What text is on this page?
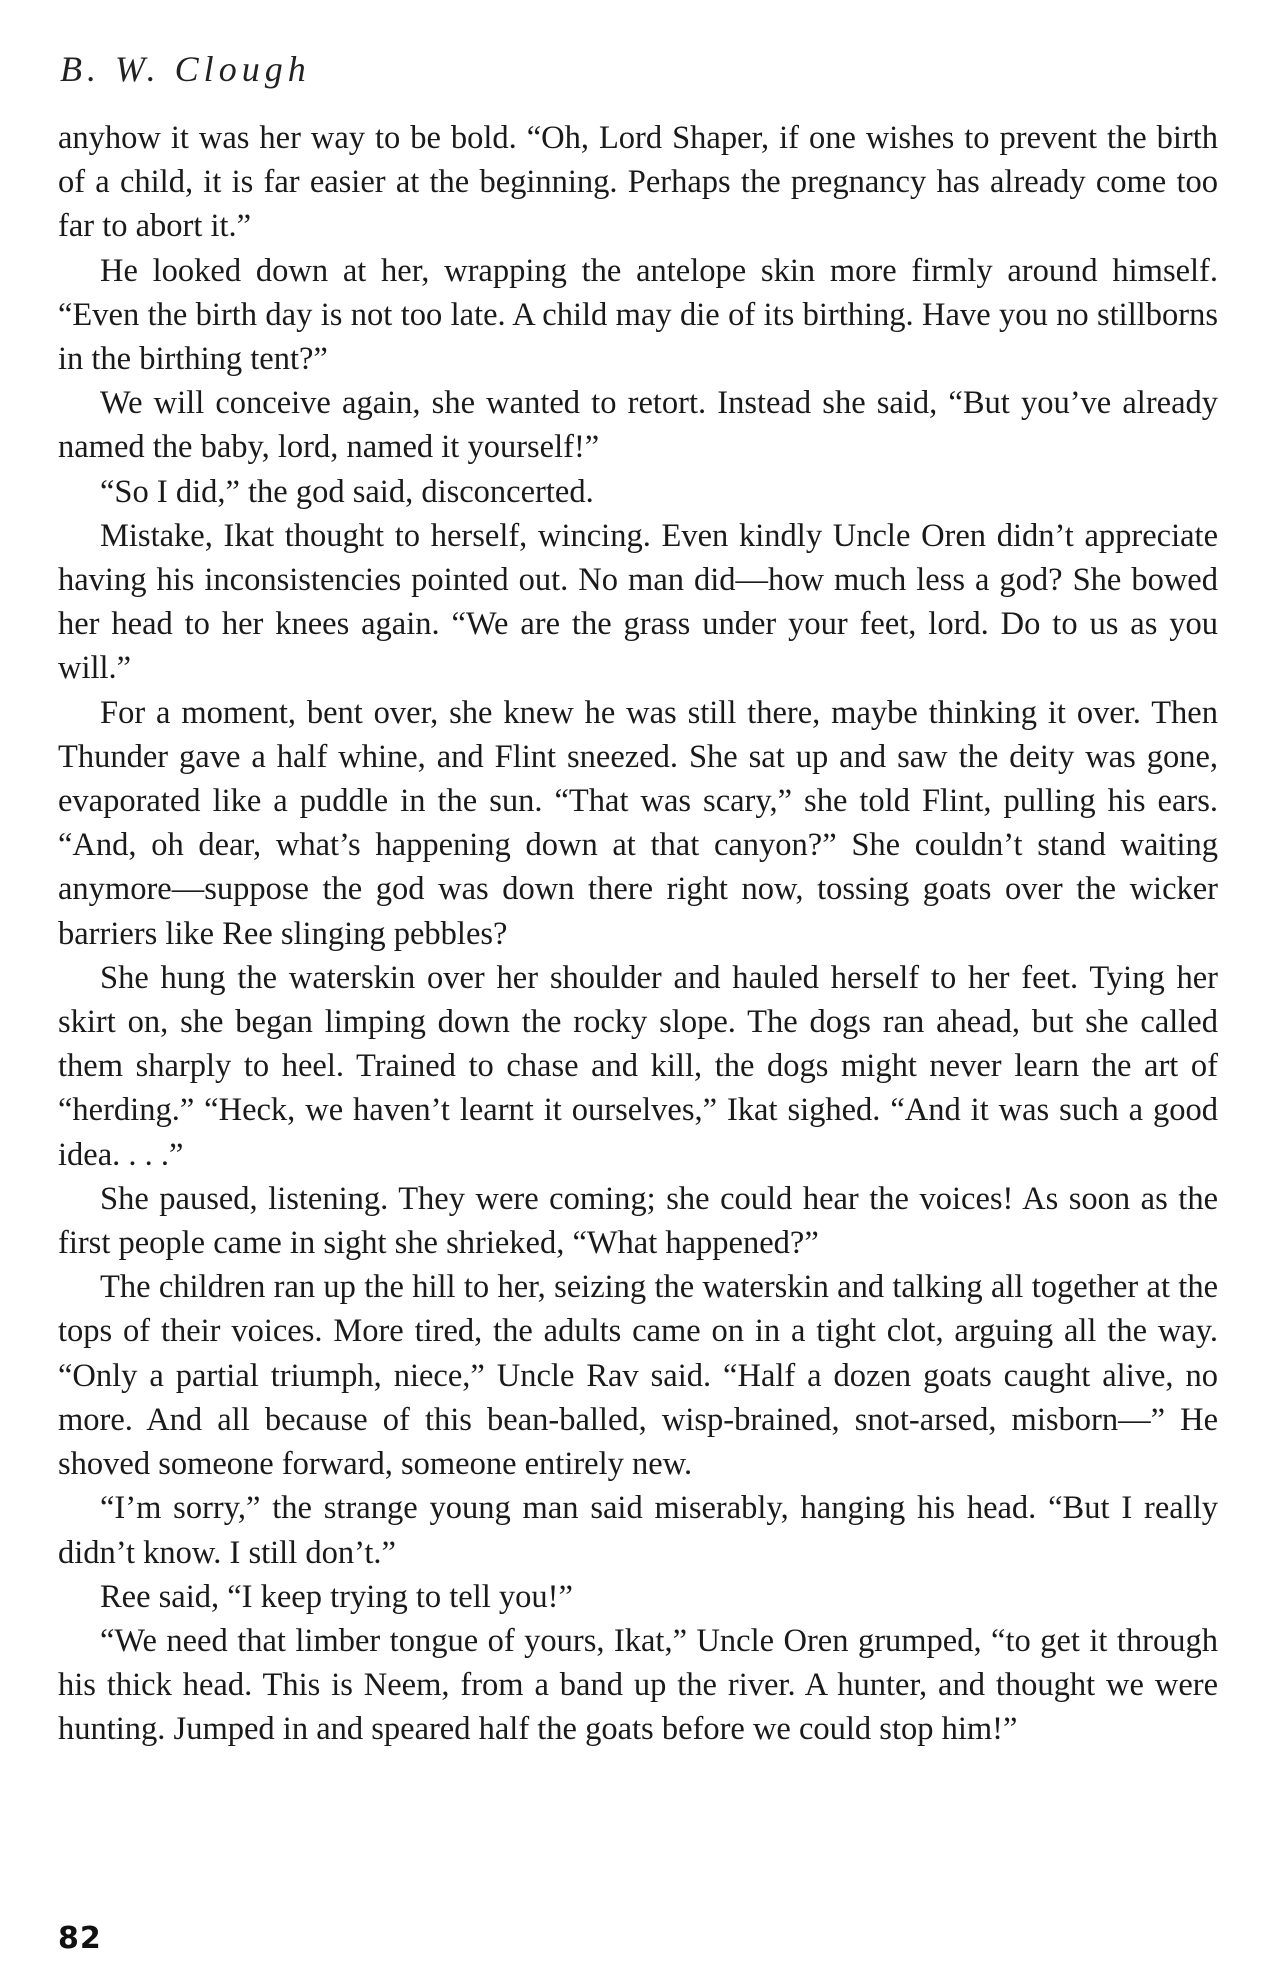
B. W. Clough

anyhow it was her way to be bold. “Oh, Lord Shaper, if one wishes to prevent the birth of a child, it is far easier at the beginning. Perhaps the pregnancy has already come too far to abort it.”

He looked down at her, wrapping the antelope skin more firmly around himself. “Even the birth day is not too late. A child may die of its birthing. Have you no stillborns in the birthing tent?”

We will conceive again, she wanted to retort. Instead she said, “But you’ve already named the baby, lord, named it yourself!”

“So I did,” the god said, disconcerted.

Mistake, Ikat thought to herself, wincing. Even kindly Uncle Oren didn’t appreciate having his inconsistencies pointed out. No man did—how much less a god? She bowed her head to her knees again. “We are the grass under your feet, lord. Do to us as you will.”

For a moment, bent over, she knew he was still there, maybe thinking it over. Then Thunder gave a half whine, and Flint sneezed. She sat up and saw the deity was gone, evaporated like a puddle in the sun. “That was scary,” she told Flint, pulling his ears. “And, oh dear, what’s happening down at that canyon?” She couldn’t stand waiting anymore—suppose the god was down there right now, tossing goats over the wicker barriers like Ree slinging pebbles?

She hung the waterskin over her shoulder and hauled herself to her feet. Tying her skirt on, she began limping down the rocky slope. The dogs ran ahead, but she called them sharply to heel. Trained to chase and kill, the dogs might never learn the art of “herding.” “Heck, we haven’t learnt it ourselves,” Ikat sighed. “And it was such a good idea. . . .”

She paused, listening. They were coming; she could hear the voices! As soon as the first people came in sight she shrieked, “What happened?”

The children ran up the hill to her, seizing the waterskin and talking all together at the tops of their voices. More tired, the adults came on in a tight clot, arguing all the way. “Only a partial triumph, niece,” Uncle Rav said. “Half a dozen goats caught alive, no more. And all because of this bean-balled, wisp-brained, snot-arsed, misborn—” He shoved someone forward, someone entirely new.

“I’m sorry,” the strange young man said miserably, hanging his head. “But I really didn’t know. I still don’t.”

Ree said, “I keep trying to tell you!”

“We need that limber tongue of yours, Ikat,” Uncle Oren grumped, “to get it through his thick head. This is Neem, from a band up the river. A hunter, and thought we were hunting. Jumped in and speared half the goats before we could stop him!”

82
